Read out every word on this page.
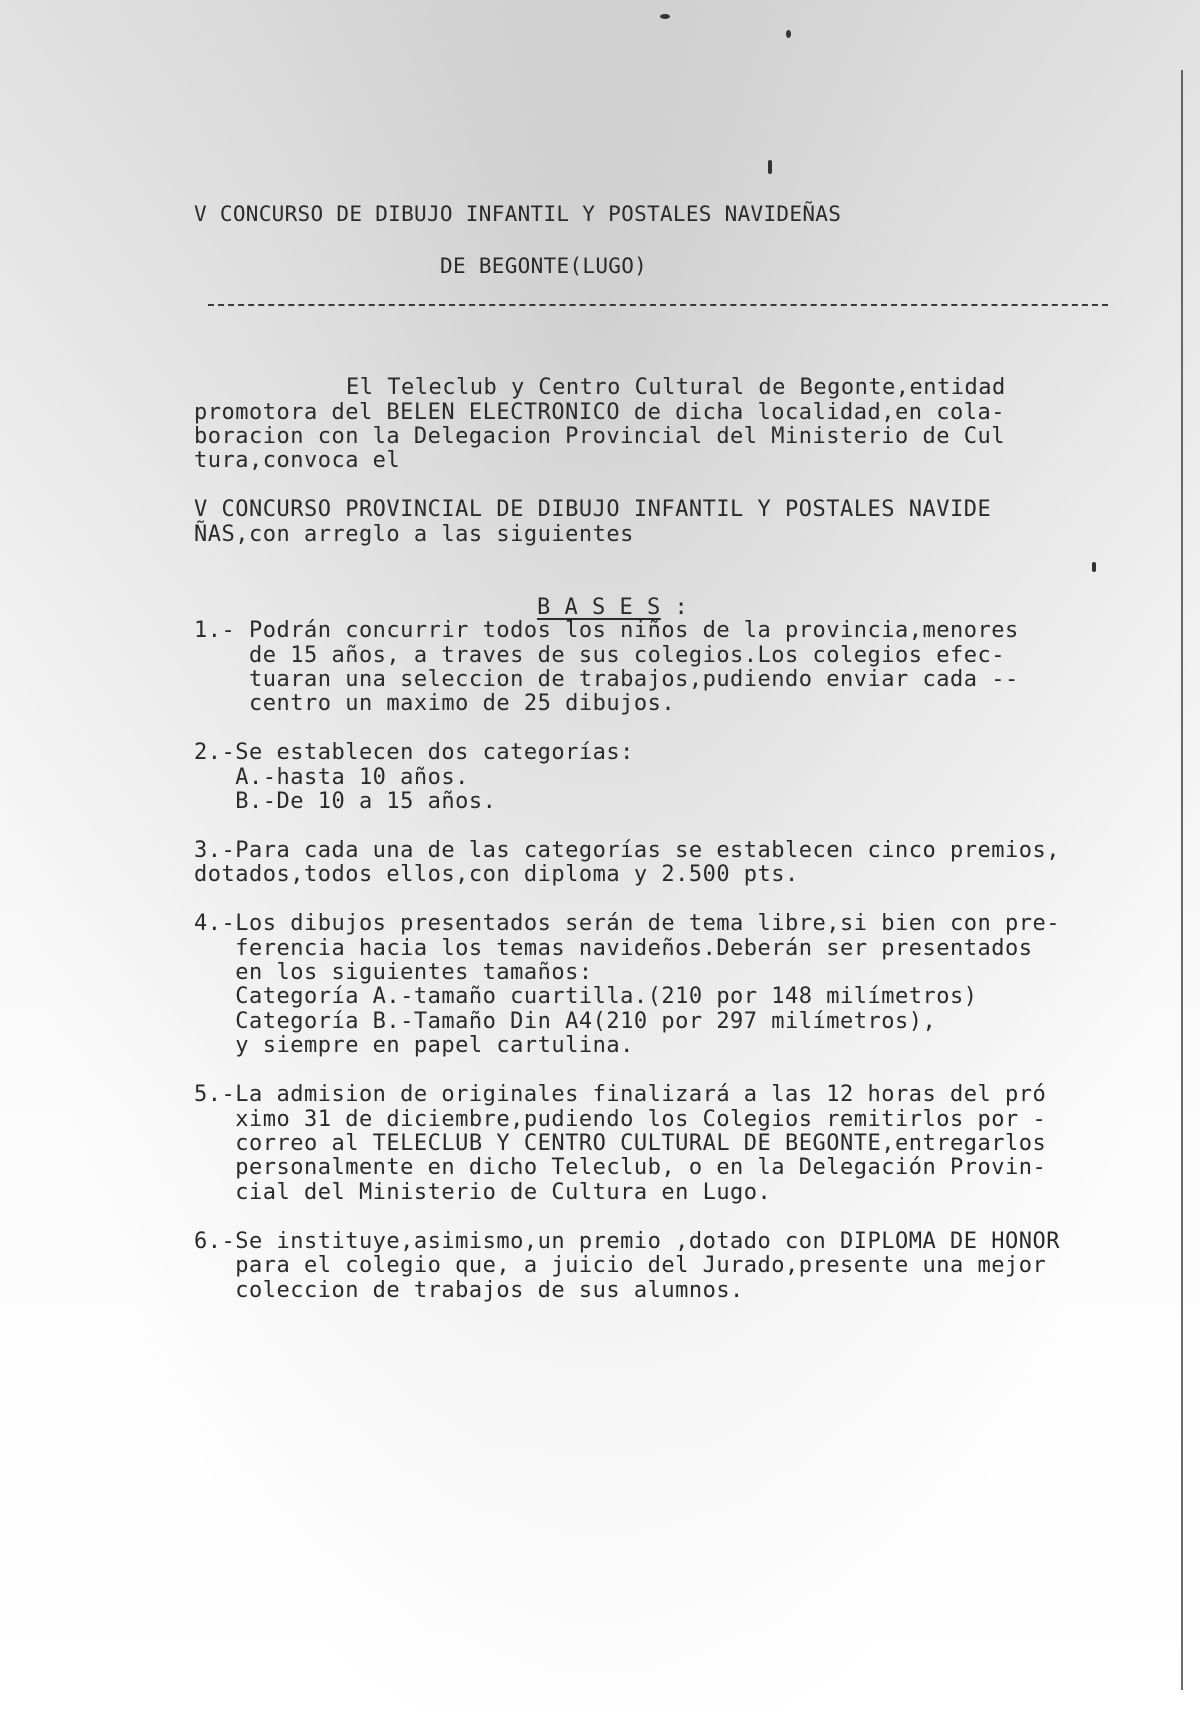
V CONCURSO DE DIBUJO INFANTIL Y POSTALES NAVIDEÑAS
DE BEGONTE(LUGO)
El Teleclub y Centro Cultural de Begonte,entidad
promotora del BELEN ELECTRONICO de dicha localidad,en cola-
boracion con la Delegacion Provincial del Ministerio de Cul
tura,convoca el
V CONCURSO PROVINCIAL DE DIBUJO INFANTIL Y POSTALES NAVIDE
ÑAS,con arreglo a las siguientes

B A S E S :

1.- Podrán concurrir todos los niños de la provincia,menores
de 15 años, a traves de sus colegios.Los colegios efec-
tuaran una seleccion de trabajos,pudiendo enviar cada --
centro un maximo de 25 dibujos.
2.-Se establecen dos categorías:
A.-hasta 10 años.
B.-De 10 a 15 años.
3.-Para cada una de las categorías se establecen cinco premios,
dotados,todos ellos,con diploma y 2.500 pts.
4.-Los dibujos presentados serán de tema libre,si bien con pre-
ferencia hacia los temas navideños.Deberán ser presentados
en los siguientes tamaños:
Categoría A.-tamaño cuartilla.(210 por 148 milímetros)
Categoría B.-Tamaño Din A4(210 por 297 milímetros),
y siempre en papel cartulina.
5.-La admision de originales finalizará a las 12 horas del pró
ximo 31 de diciembre,pudiendo los Colegios remitirlos por -
correo al TELECLUB Y CENTRO CULTURAL DE BEGONTE,entregarlos
personalmente en dicho Teleclub, o en la Delegación Provin-
cial del Ministerio de Cultura en Lugo.
6.-Se instituye,asimismo,un premio ,dotado con DIPLOMA DE HONOR
para el colegio que, a juicio del Jurado,presente una mejor
coleccion de trabajos de sus alumnos.
